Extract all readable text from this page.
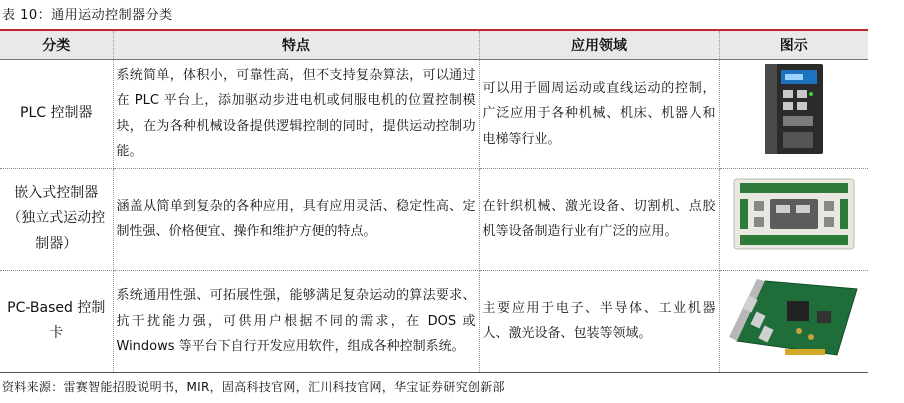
表 10：通用运动控制器分类
分类	特点	应用领域	图示
PLC 控制器	系统简单，体积小，可靠性高，但不支持复杂算法，可以通过在 PLC 平台上，添加驱动步进电机或伺服电机的位置控制模块，在为各种机械设备提供逻辑控制的同时，提供运动控制功能。	可以用于圆周运动或直线运动的控制，广泛应用于各种机械、机床、机器人和电梯等行业。	
嵌入式控制器（独立式运动控制器）	涵盖从简单到复杂的各种应用，具有应用灵活、稳定性高、定制性强、价格便宜、操作和维护方便的特点。	在针织机械、激光设备、切割机、点胶机等设备制造行业有广泛的应用。	
PC-Based 控制卡	系统通用性强、可拓展性强，能够满足复杂运动的算法要求、抗干扰能力强，可供用户根据不同的需求，在 DOS 或 Windows 等平台下自行开发应用软件，组成各种控制系统。	主要应用于电子、半导体、工业机器人、激光设备、包装等领域。	
资料来源：雷赛智能招股说明书，MIR，固高科技官网，汇川科技官网，华宝证券研究创新部
